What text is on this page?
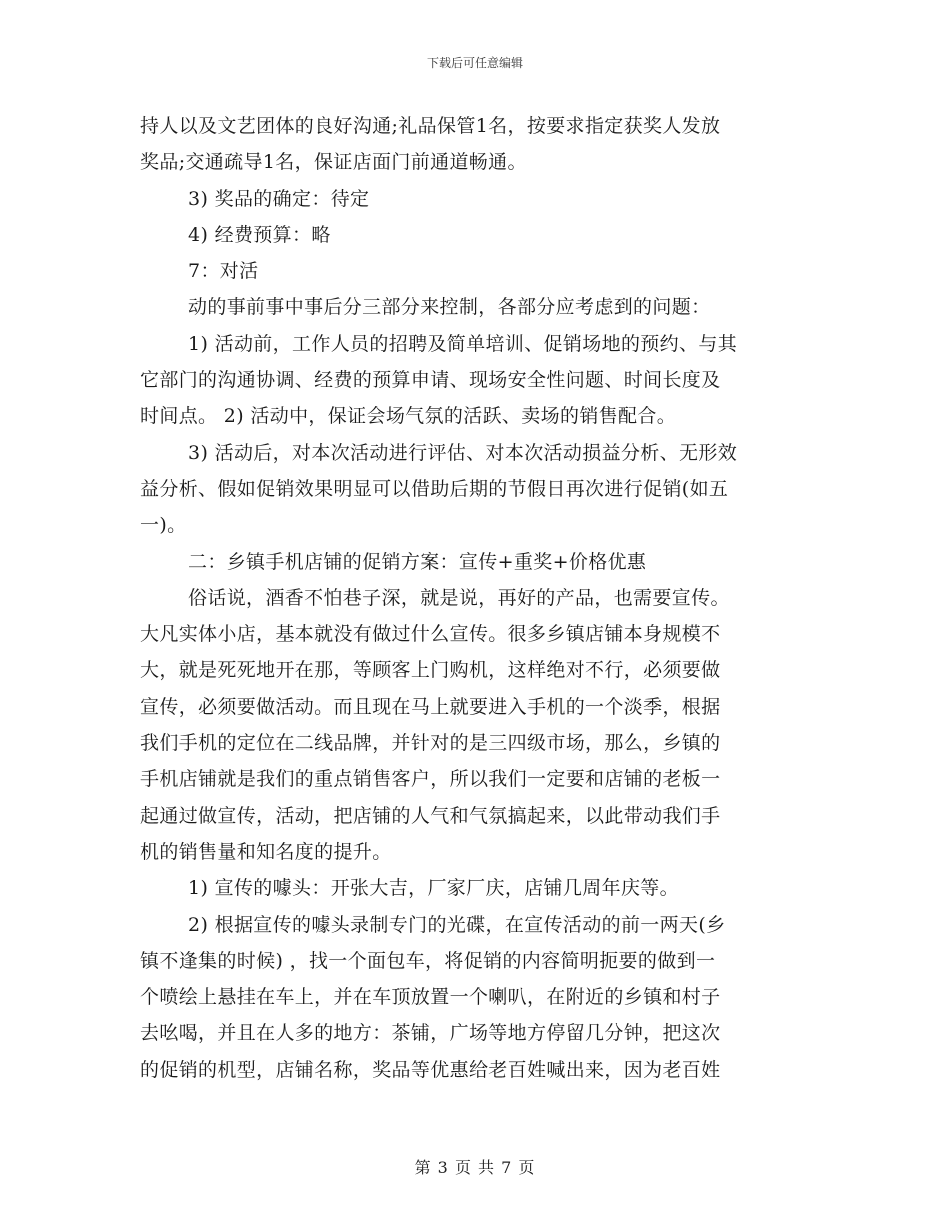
下载后可任意编辑
持人以及文艺团体的良好沟通;礼品保管1名，按要求指定获奖人发放
奖品;交通疏导1名，保证店面门前通道畅通。
3) 奖品的确定：待定
4) 经费预算：略
7：对活
动的事前事中事后分三部分来控制，各部分应考虑到的问题：
1) 活动前，工作人员的招聘及简单培训、促销场地的预约、与其
它部门的沟通协调、经费的预算申请、现场安全性问题、时间长度及
时间点。 2) 活动中，保证会场气氛的活跃、卖场的销售配合。
3) 活动后，对本次活动进行评估、对本次活动损益分析、无形效
益分析、假如促销效果明显可以借助后期的节假日再次进行促销(如五
一)。
二：乡镇手机店铺的促销方案：宣传+重奖+价格优惠
俗话说，酒香不怕巷子深，就是说，再好的产品，也需要宣传。
大凡实体小店，基本就没有做过什么宣传。很多乡镇店铺本身规模不
大，就是死死地开在那，等顾客上门购机，这样绝对不行，必须要做
宣传，必须要做活动。而且现在马上就要进入手机的一个淡季，根据
我们手机的定位在二线品牌，并针对的是三四级市场，那么，乡镇的
手机店铺就是我们的重点销售客户，所以我们一定要和店铺的老板一
起通过做宣传，活动，把店铺的人气和气氛搞起来，以此带动我们手
机的销售量和知名度的提升。
1) 宣传的噱头：开张大吉，厂家厂庆，店铺几周年庆等。
2) 根据宣传的噱头录制专门的光碟，在宣传活动的前一两天(乡
镇不逢集的时候) ，找一个面包车，将促销的内容简明扼要的做到一
个喷绘上悬挂在车上，并在车顶放置一个喇叭，在附近的乡镇和村子
去吆喝，并且在人多的地方：茶铺，广场等地方停留几分钟，把这次
的促销的机型，店铺名称，奖品等优惠给老百姓喊出来，因为老百姓
第 3 页 共 7 页
